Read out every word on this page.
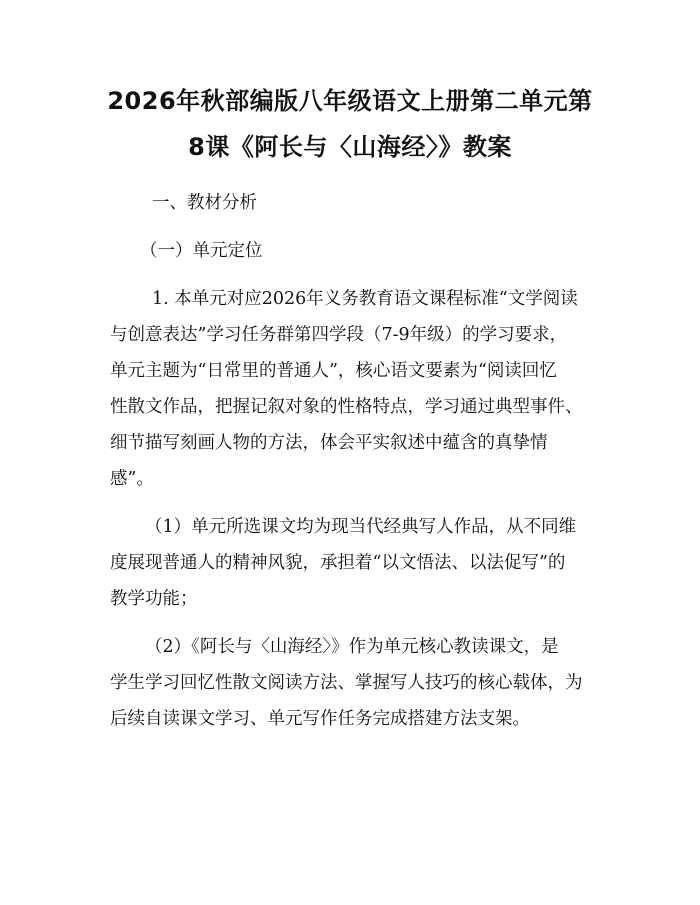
2026年秋部编版八年级语文上册第二单元第
8课《阿长与〈山海经〉》教案

一、教材分析

（一）单元定位

1. 本单元对应2026年义务教育语文课程标准“文学阅读

与创意表达”学习任务群第四学段（7-9年级）的学习要求，

单元主题为“日常里的普通人”，核心语文要素为“阅读回忆

性散文作品，把握记叙对象的性格特点，学习通过典型事件、

细节描写刻画人物的方法，体会平实叙述中蕴含的真挚情

感”。

（1）单元所选课文均为现当代经典写人作品，从不同维

度展现普通人的精神风貌，承担着“以文悟法、以法促写”的

教学功能；

（2）《阿长与〈山海经〉》作为单元核心教读课文，是

学生学习回忆性散文阅读方法、掌握写人技巧的核心载体，为

后续自读课文学习、单元写作任务完成搭建方法支架。
